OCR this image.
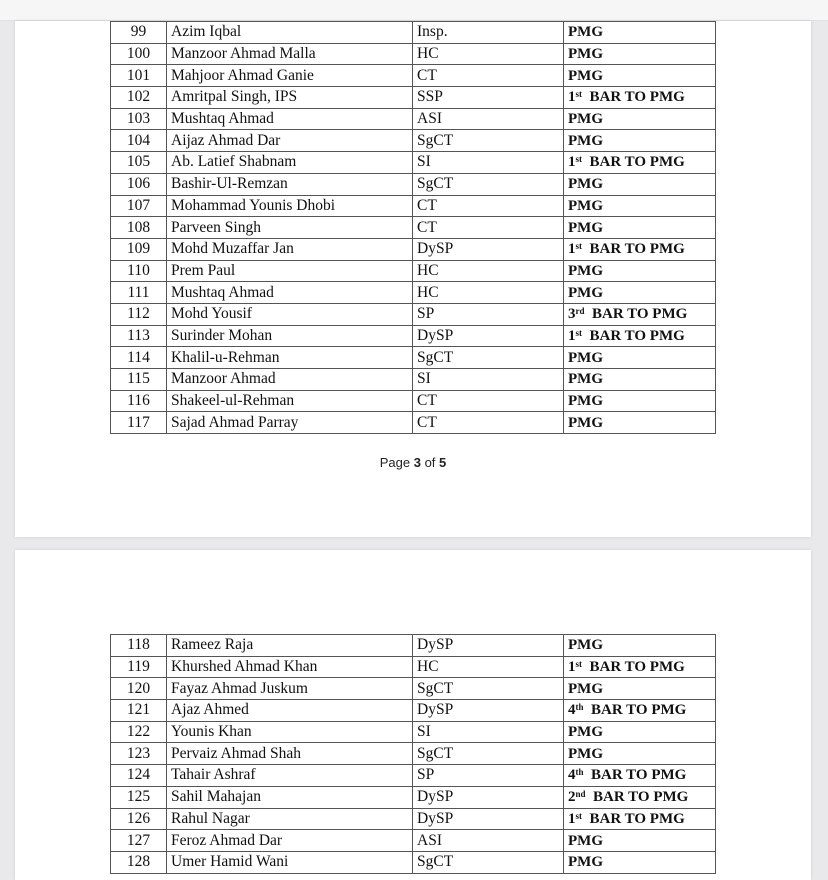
99	Azim Iqbal	Insp.	PMG
100	Manzoor Ahmad Malla	HC	PMG
101	Mahjoor Ahmad Ganie	CT	PMG
102	Amritpal Singh, IPS	SSP	1st BAR TO PMG
103	Mushtaq Ahmad	ASI	PMG
104	Aijaz Ahmad Dar	SgCT	PMG
105	Ab. Latief Shabnam	SI	1st BAR TO PMG
106	Bashir-Ul-Remzan	SgCT	PMG
107	Mohammad Younis Dhobi	CT	PMG
108	Parveen Singh	CT	PMG
109	Mohd Muzaffar Jan	DySP	1st BAR TO PMG
110	Prem Paul	HC	PMG
111	Mushtaq Ahmad	HC	PMG
112	Mohd Yousif	SP	3rd BAR TO PMG
113	Surinder Mohan	DySP	1st BAR TO PMG
114	Khalil-u-Rehman	SgCT	PMG
115	Manzoor Ahmad	SI	PMG
116	Shakeel-ul-Rehman	CT	PMG
117	Sajad Ahmad Parray	CT	PMG
Page 3 of 5
118	Rameez Raja	DySP	PMG
119	Khurshed Ahmad Khan	HC	1st BAR TO PMG
120	Fayaz Ahmad Juskum	SgCT	PMG
121	Ajaz Ahmed	DySP	4th BAR TO PMG
122	Younis Khan	SI	PMG
123	Pervaiz Ahmad Shah	SgCT	PMG
124	Tahair Ashraf	SP	4th BAR TO PMG
125	Sahil Mahajan	DySP	2nd BAR TO PMG
126	Rahul Nagar	DySP	1st BAR TO PMG
127	Feroz Ahmad Dar	ASI	PMG
128	Umer Hamid Wani	SgCT	PMG
